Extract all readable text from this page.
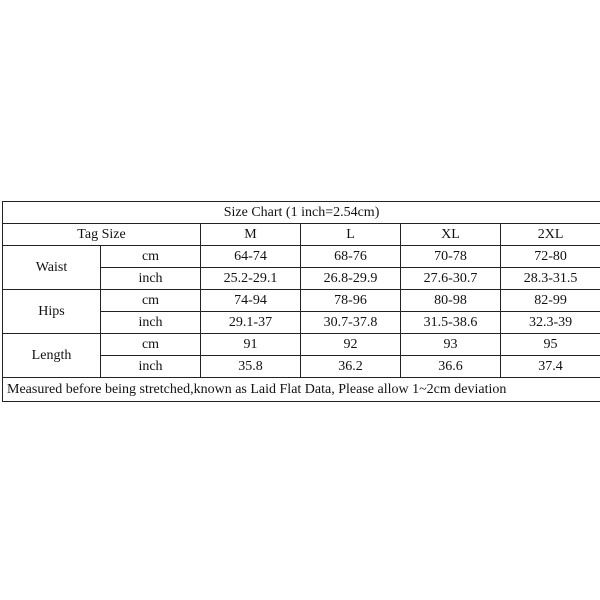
Size Chart (1 inch=2.54cm)					
Tag Size		M	L	XL	2XL
Waist	cm	64-74	68-76	70-78	72-80
	inch	25.2-29.1	26.8-29.9	27.6-30.7	28.3-31.5
Hips	cm	74-94	78-96	80-98	82-99
	inch	29.1-37	30.7-37.8	31.5-38.6	32.3-39
Length	cm	91	92	93	95
	inch	35.8	36.2	36.6	37.4
Measured before being stretched,known as Laid Flat Data, Please allow 1~2cm deviation					
